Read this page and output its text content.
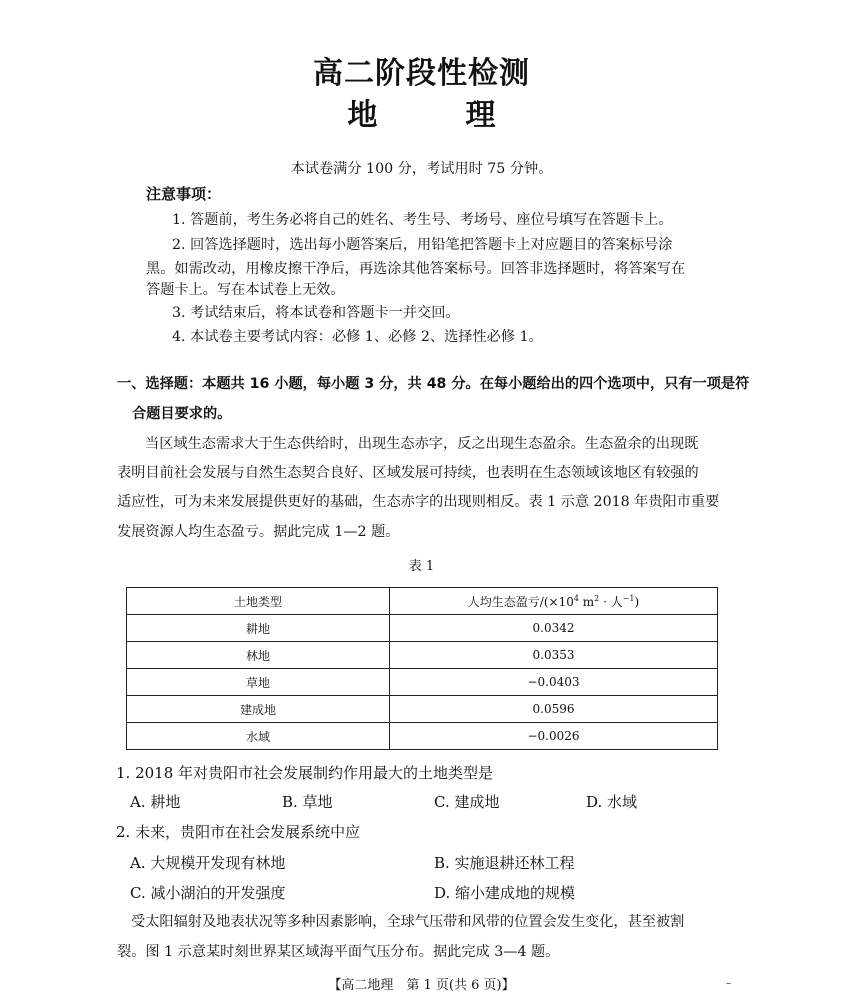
高二阶段性检测
地	理
本试卷满分 100 分，考试用时 75 分钟。
注意事项：
1. 答题前，考生务必将自己的姓名、考生号、考场号、座位号填写在答题卡上。
2. 回答选择题时，选出每小题答案后，用铅笔把答题卡上对应题目的答案标号涂
黑。如需改动，用橡皮擦干净后，再选涂其他答案标号。回答非选择题时，将答案写在
答题卡上。写在本试卷上无效。
3. 考试结束后，将本试卷和答题卡一并交回。
4. 本试卷主要考试内容：必修 1、必修 2、选择性必修 1。
一、选择题：本题共 16 小题，每小题 3 分，共 48 分。在每小题给出的四个选项中，只有一项是符
合题目要求的。
当区域生态需求大于生态供给时，出现生态赤字，反之出现生态盈余。生态盈余的出现既
表明目前社会发展与自然生态契合良好、区域发展可持续，也表明在生态领域该地区有较强的
适应性，可为未来发展提供更好的基础，生态赤字的出现则相反。表 1 示意 2018 年贵阳市重要
发展资源人均生态盈亏。据此完成 1—2 题。
表 1
土地类型	人均生态盈亏$/(\times 10^4$ $m^2$ · 人$^{-1}$)
耕地	0.0342
林地	0.0353
草地	−0.0403
建成地	0.0596
水域	−0.0026
1. 2018 年对贵阳市社会发展制约作用最大的土地类型是
A. 耕地	B. 草地	C. 建成地	D. 水域
2. 未来，贵阳市在社会发展系统中应
A. 大规模开发现有林地	B. 实施退耕还林工程
C. 减小湖泊的开发强度	D. 缩小建成地的规模
受太阳辐射及地表状况等多种因素影响，全球气压带和风带的位置会发生变化，甚至被割
裂。图 1 示意某时刻世界某区域海平面气压分布。据此完成 3—4 题。
【高二地理　第 1 页(共 6 页)】	–
